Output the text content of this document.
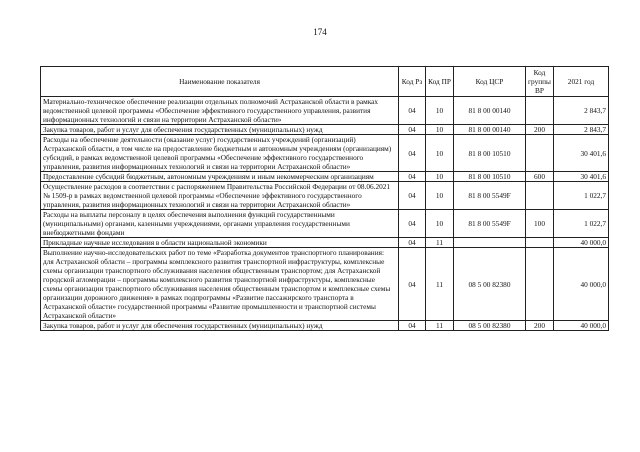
174
Наименование показателя	Код Рз	Код ПР	Код ЦСР	Код группы ВР	2021 год
Материально-техническое обеспечение реализации отдельных полномочий Астраханской области в рамках ведомственной целевой программы «Обеспечение эффективного государственного управления, развития информационных технологий и связи на территории Астраханской области»	04	10	81 8 00 00140		2 843,7
Закупка товаров, работ и услуг для обеспечения государственных (муниципальных) нужд	04	10	81 8 00 00140	200	2 843,7
Расходы на обеспечение деятельности (оказание услуг) государственных учреждений (организаций) Астраханской области, в том числе на предоставление бюджетным и автономным учреждениям (организациям) субсидий, в рамках ведомственной целевой программы «Обеспечение эффективного государственного управления, развития информационных технологий и связи на территории Астраханской области»	04	10	81 8 00 10510		30 401,6
Предоставление субсидий бюджетным, автономным учреждениям и иным некоммерческим организациям	04	10	81 8 00 10510	600	30 401,6
Осуществление расходов в соответствии с распоряжением Правительства Российской Федерации от 08.06.2021 № 1509-р в рамках ведомственной целевой программы «Обеспечение эффективного государственного управления, развития информационных технологий и связи на территории Астраханской области»	04	10	81 8 00 5549F		1 022,7
Расходы на выплаты персоналу в целях обеспечения выполнения функций государственными (муниципальными) органами, казенными учреждениями, органами управления государственными внебюджетными фондами	04	10	81 8 00 5549F	100	1 022,7
Прикладные научные исследования в области национальной экономики	04	11			40 000,0
Выполнение научно-исследовательских работ по теме «Разработка документов транспортного планирования: для Астраханской области – программы комплексного развития транспортной инфраструктуры, комплексные схемы организации транспортного обслуживания населения общественным транспортом; для Астраханской городской агломерации – программы комплексного развития транспортной инфраструктуры, комплексные схемы организации транспортного обслуживания населения общественным транспортом и комплексные схемы организации дорожного движения» в рамках подпрограммы «Развитие пассажирского транспорта в Астраханской области» государственной программы «Развитие промышленности и транспортной системы Астраханской области»	04	11	08 5 00 82380		40 000,0
Закупка товаров, работ и услуг для обеспечения государственных (муниципальных) нужд	04	11	08 5 00 82380	200	40 000,0
